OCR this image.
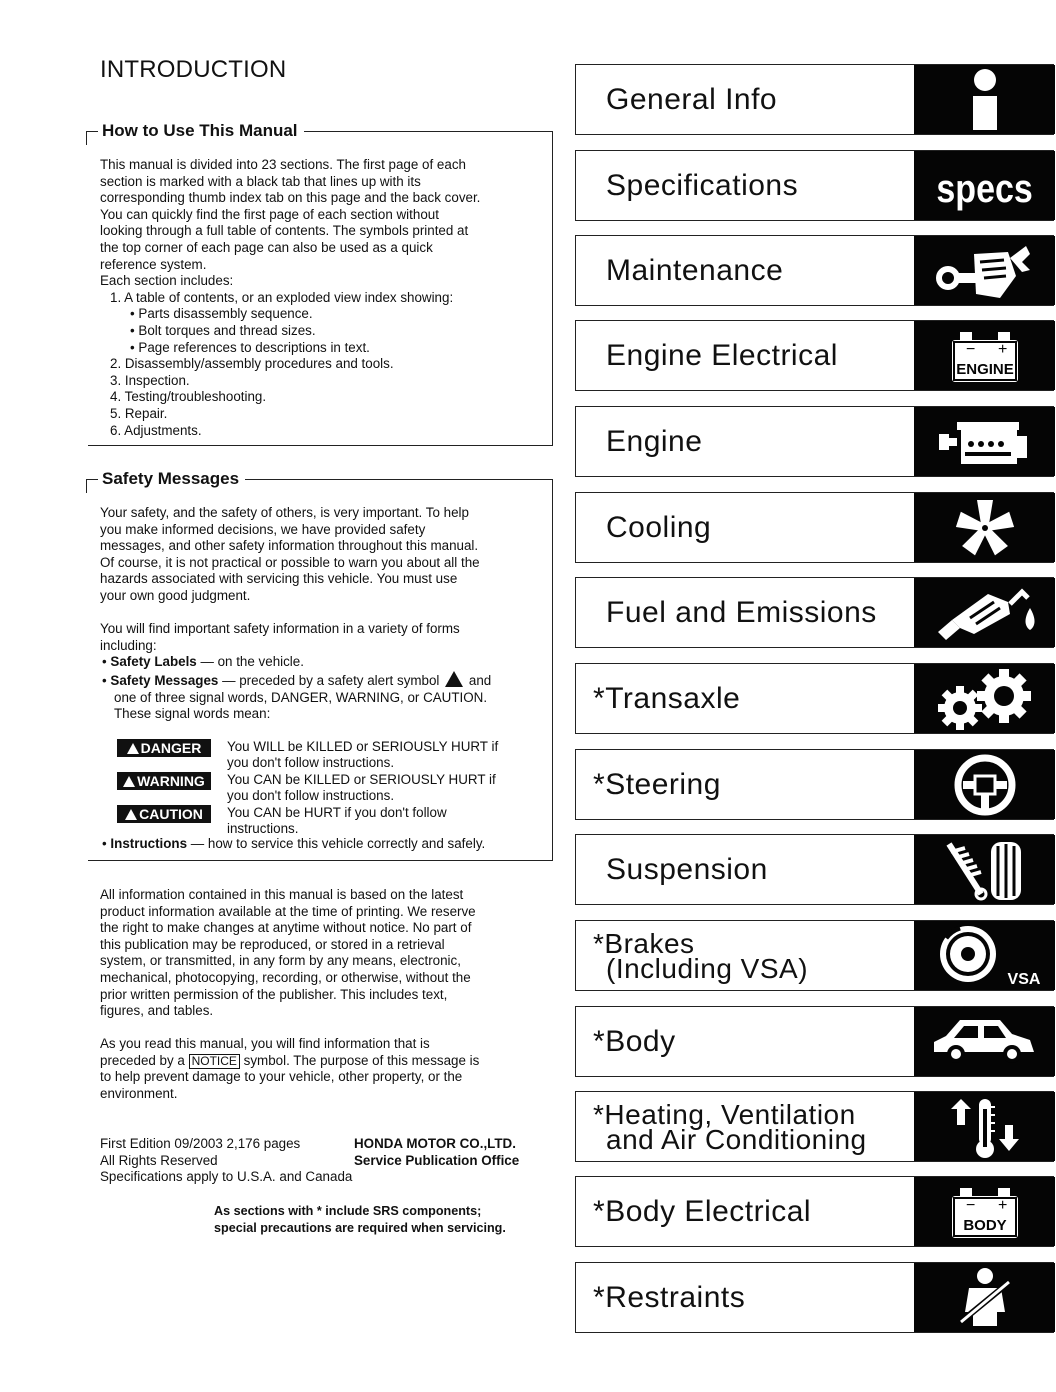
INTRODUCTION
How to Use This Manual

This manual is divided into 23 sections. The first page of each

section is marked with a black tab that lines up with its

corresponding thumb index tab on this page and the back cover.

You can quickly find the first page of each section without

looking through a full table of contents. The symbols printed at

the top corner of each page can also be used as a quick

reference system.

Each section includes:

1. A table of contents, or an exploded view index showing:

• Parts disassembly sequence.

• Bolt torques and thread sizes.

• Page references to descriptions in text.

2. Disassembly/assembly procedures and tools.

3. Inspection.

4. Testing/troubleshooting.

5. Repair.

6. Adjustments.

Safety Messages

Your safety, and the safety of others, is very important. To help

you make informed decisions, we have provided safety

messages, and other safety information throughout this manual.

Of course, it is not practical or possible to warn you about all the

hazards associated with servicing this vehicle. You must use

your own good judgment.

You will find important safety information in a variety of forms

including:

• Safety Labels — on the vehicle.

• Safety Messages — preceded by a safety alert symbol  and

one of three signal words, DANGER, WARNING, or CAUTION.

These signal words mean:

DANGER	You WILL be KILLED or SERIOUSLY HURT if

you don't follow instructions.

WARNING	You CAN be KILLED or SERIOUSLY HURT if

you don't follow instructions.

CAUTION	You CAN be HURT if you don't follow

instructions.

• Instructions — how to service this vehicle correctly and safely.

All information contained in this manual is based on the latest

product information available at the time of printing. We reserve

the right to make changes at anytime without notice. No part of

this publication may be reproduced, or stored in a retrieval

system, or transmitted, in any form by any means, electronic,

mechanical, photocopying, recording, or otherwise, without the

prior written permission of the publisher. This includes text,

figures, and tables.

As you read this manual, you will find information that is

preceded by a NOTICE symbol. The purpose of this message is

to help prevent damage to your vehicle, other property, or the

environment.

First Edition 09/2003 2,176 pages

All Rights Reserved

Specifications apply to U.S.A. and Canada

HONDA MOTOR CO.,LTD.

Service Publication Office

As sections with * include SRS components;

special precautions are required when servicing.

General Info
Specifications	specs
Maintenance
Engine Electrical	− +
ENGINE
Engine
Cooling
Fuel and Emissions
*Transaxle
*Steering
Suspension
*Brakes
(Including VSA)	VSA
*Body
*Heating, Ventilation
and Air Conditioning
*Body Electrical	− +
BODY
*Restraints
